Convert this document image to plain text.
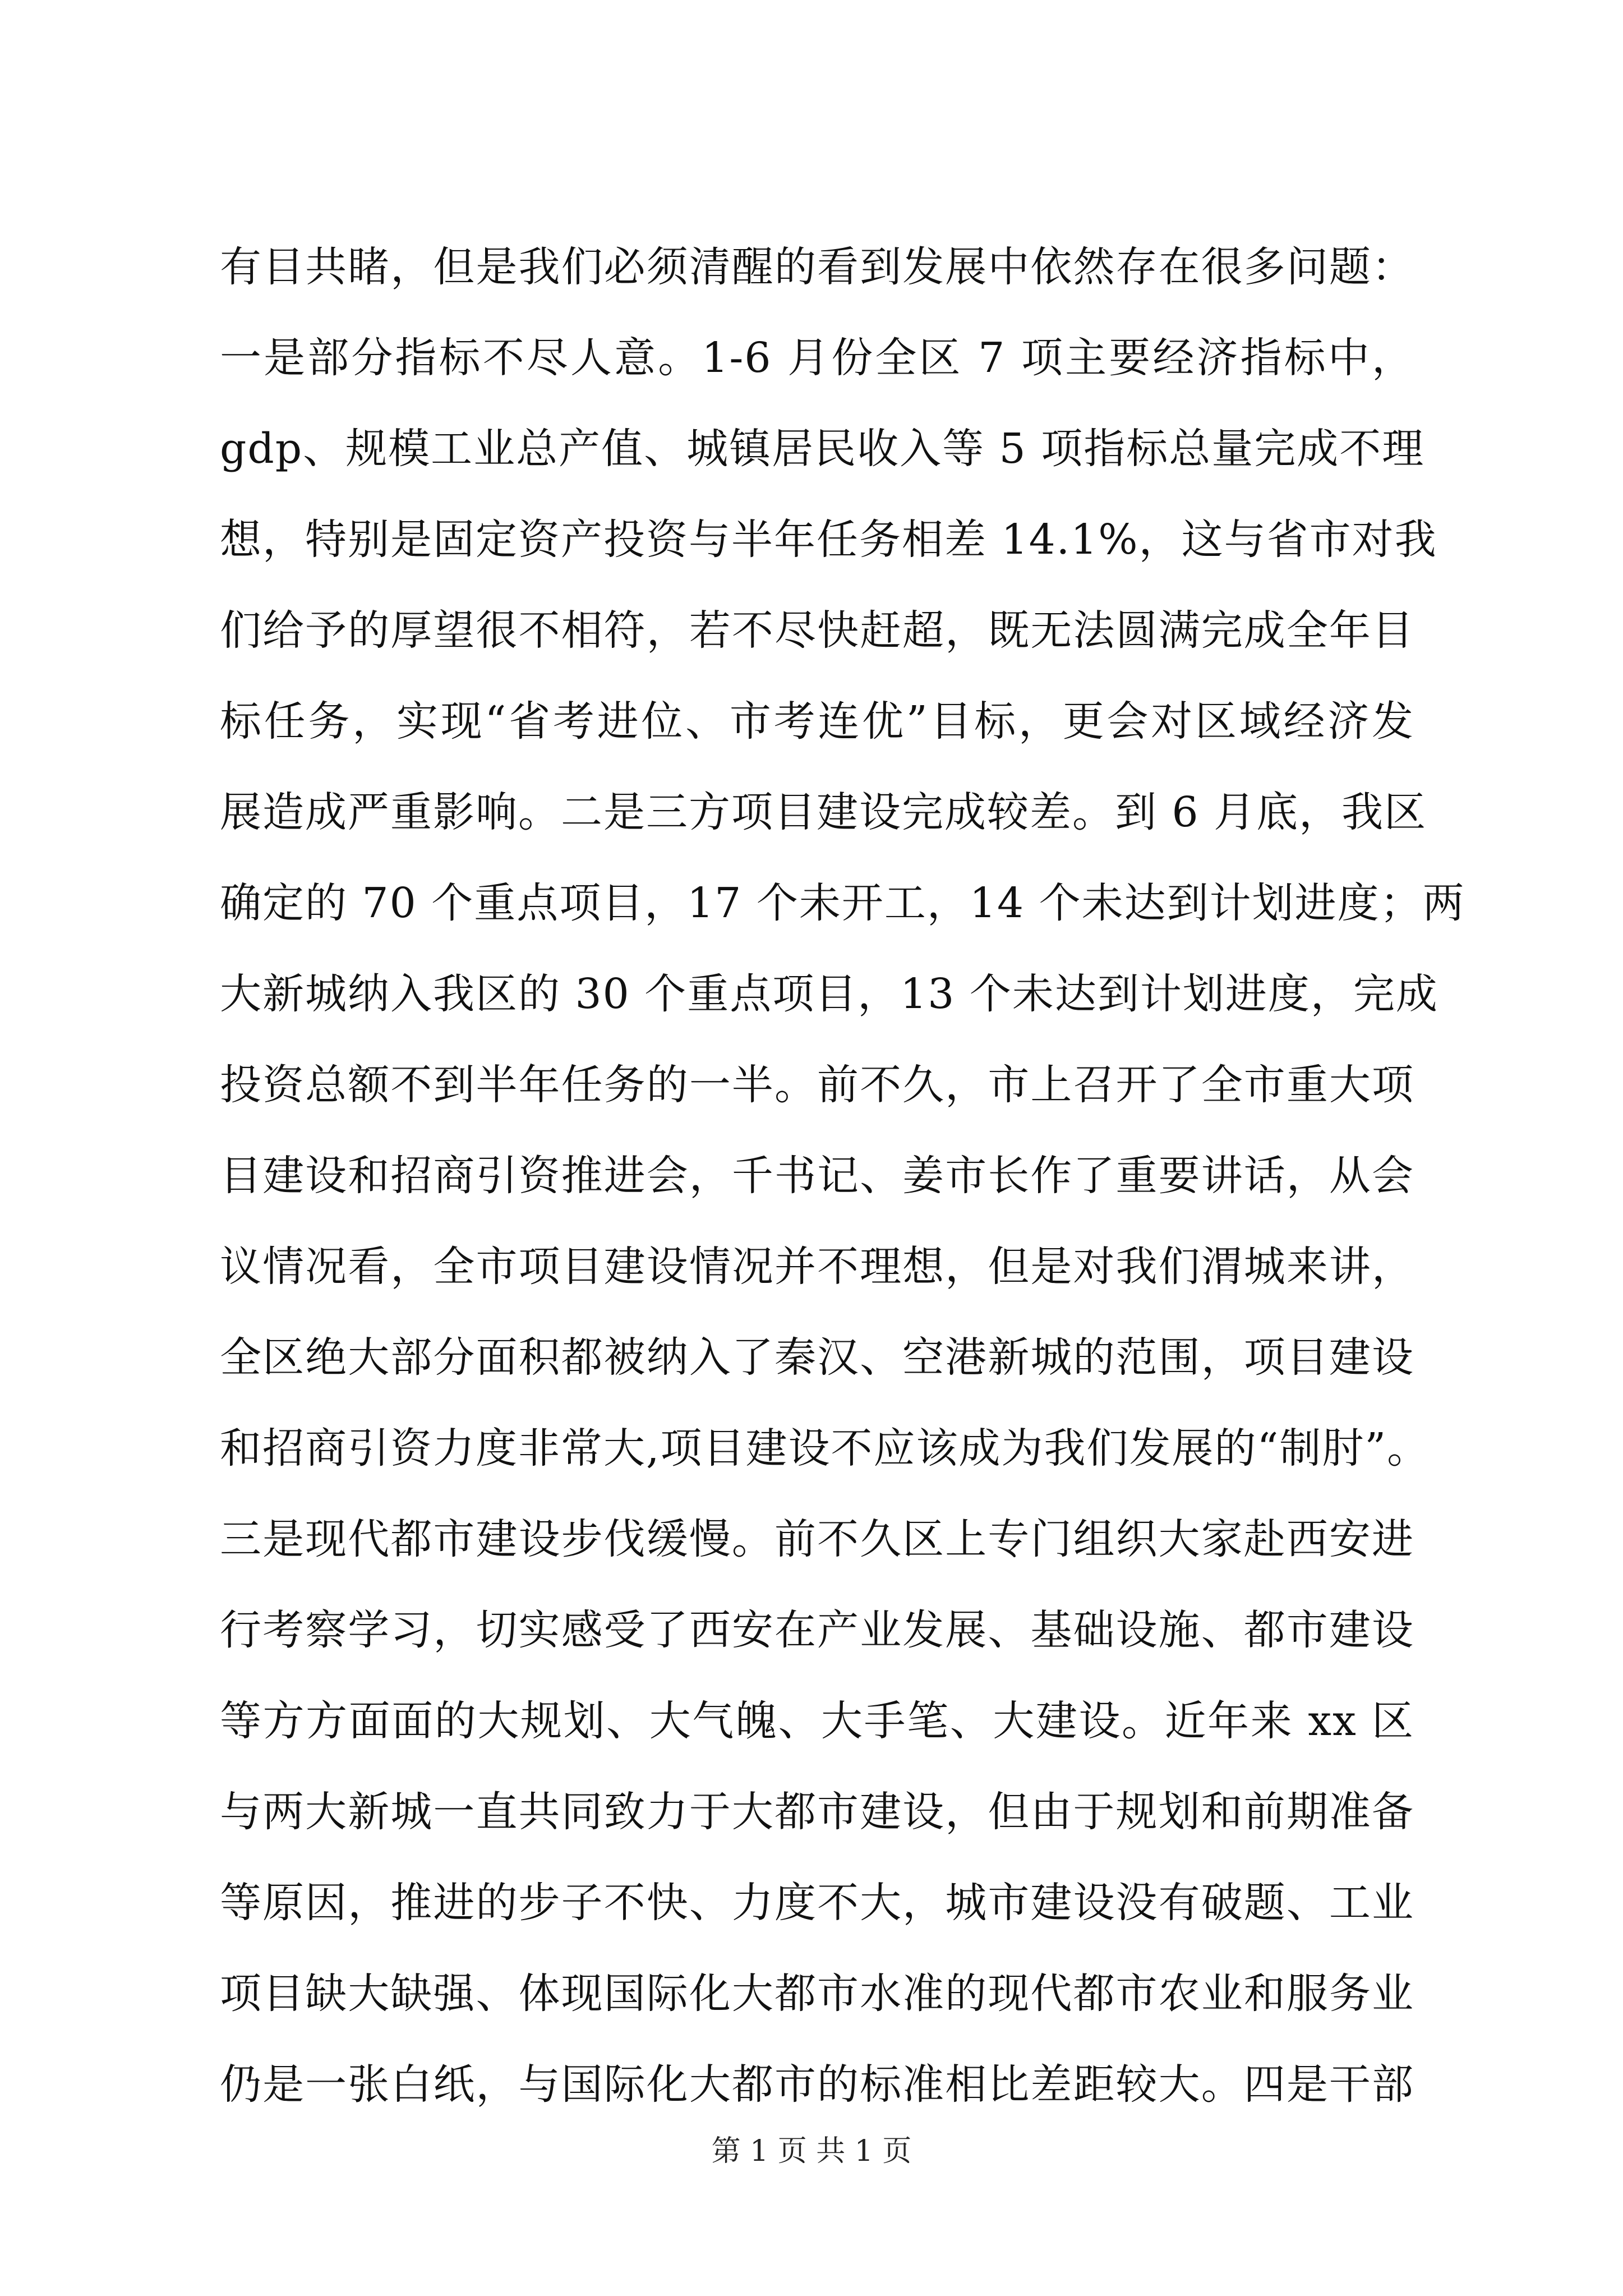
有目共睹，但是我们必须清醒的看到发展中依然存在很多问题：
一是部分指标不尽人意。1-6 月份全区 7 项主要经济指标中，
gdp、规模工业总产值、城镇居民收入等 5 项指标总量完成不理
想，特别是固定资产投资与半年任务相差 14.1%，这与省市对我
们给予的厚望很不相符，若不尽快赶超，既无法圆满完成全年目
标任务，实现“省考进位、市考连优”目标，更会对区域经济发
展造成严重影响。二是三方项目建设完成较差。到 6 月底，我区
确定的 70 个重点项目，17 个未开工，14 个未达到计划进度；两
大新城纳入我区的 30 个重点项目，13 个未达到计划进度，完成
投资总额不到半年任务的一半。前不久，市上召开了全市重大项
目建设和招商引资推进会，千书记、姜市长作了重要讲话，从会
议情况看，全市项目建设情况并不理想，但是对我们渭城来讲，
全区绝大部分面积都被纳入了秦汉、空港新城的范围，项目建设
和招商引资力度非常大,项目建设不应该成为我们发展的“制肘”。
三是现代都市建设步伐缓慢。前不久区上专门组织大家赴西安进
行考察学习，切实感受了西安在产业发展、基础设施、都市建设
等方方面面的大规划、大气魄、大手笔、大建设。近年来 xx 区
与两大新城一直共同致力于大都市建设，但由于规划和前期准备
等原因，推进的步子不快、力度不大，城市建设没有破题、工业
项目缺大缺强、体现国际化大都市水准的现代都市农业和服务业
仍是一张白纸，与国际化大都市的标准相比差距较大。四是干部
第 1 页 共 1 页
